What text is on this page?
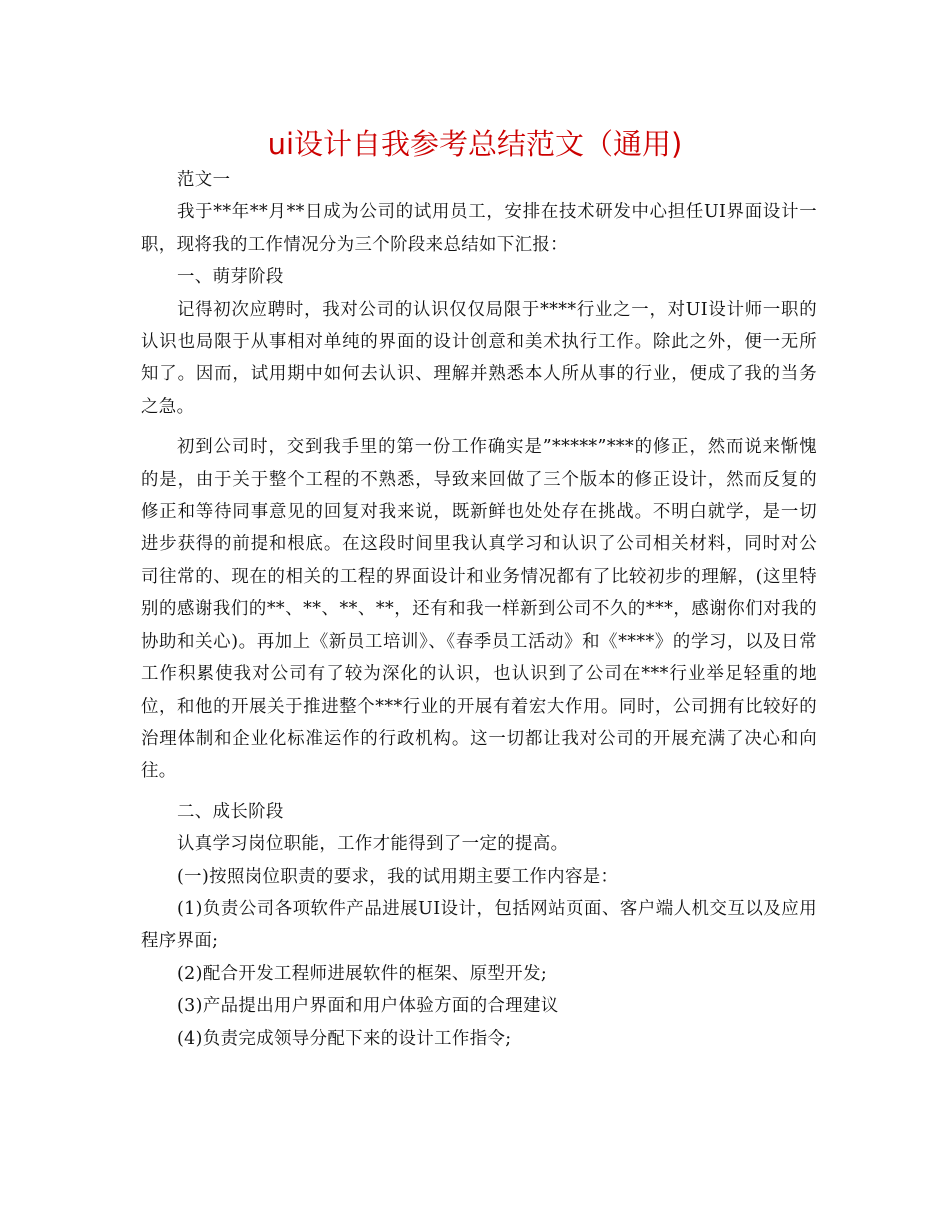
ui设计自我参考总结范文（通用)

范文一

我于**年**月**日成为公司的试用员工，安排在技术研发中心担任UI界面设计一职，现将我的工作情况分为三个阶段来总结如下汇报：

一、萌芽阶段

记得初次应聘时，我对公司的认识仅仅局限于****行业之一，对UI设计师一职的认识也局限于从事相对单纯的界面的设计创意和美术执行工作。除此之外，便一无所知了。因而，试用期中如何去认识、理解并熟悉本人所从事的行业，便成了我的当务之急。

初到公司时，交到我手里的第一份工作确实是”*****”***的修正，然而说来惭愧的是，由于关于整个工程的不熟悉，导致来回做了三个版本的修正设计，然而反复的修正和等待同事意见的回复对我来说，既新鲜也处处存在挑战。不明白就学，是一切进步获得的前提和根底。在这段时间里我认真学习和认识了公司相关材料，同时对公司往常的、现在的相关的工程的界面设计和业务情况都有了比较初步的理解，(这里特别的感谢我们的**、**、**、**，还有和我一样新到公司不久的***，感谢你们对我的协助和关心)。再加上《新员工培训》、《春季员工活动》和《****》的学习，以及日常工作积累使我对公司有了较为深化的认识，也认识到了公司在***行业举足轻重的地位，和他的开展关于推进整个***行业的开展有着宏大作用。同时，公司拥有比较好的治理体制和企业化标准运作的行政机构。这一切都让我对公司的开展充满了决心和向往。

二、成长阶段

认真学习岗位职能，工作才能得到了一定的提高。

(一)按照岗位职责的要求，我的试用期主要工作内容是：

(1)负责公司各项软件产品进展UI设计，包括网站页面、客户端人机交互以及应用程序界面;

(2)配合开发工程师进展软件的框架、原型开发;

(3)产品提出用户界面和用户体验方面的合理建议

(4)负责完成领导分配下来的设计工作指令;
